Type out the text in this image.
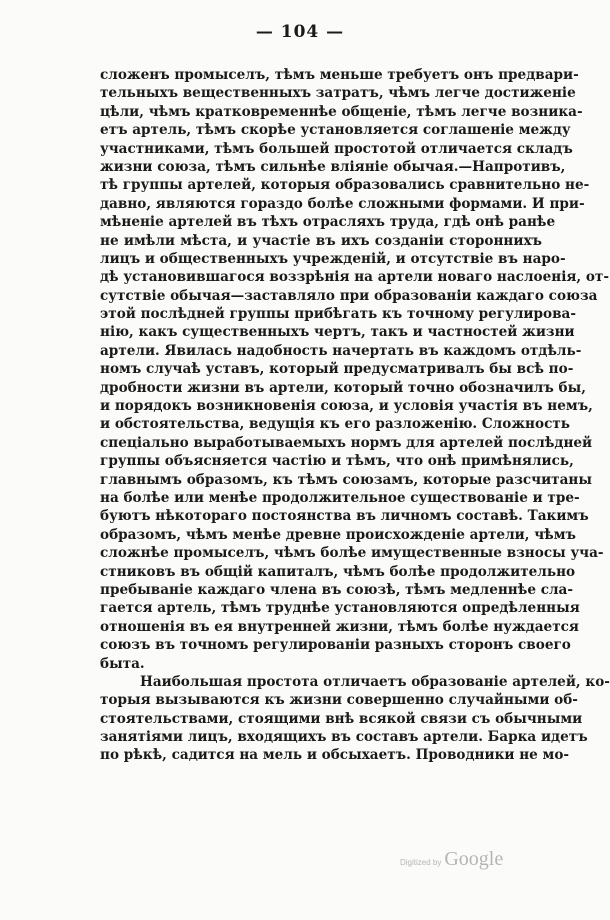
— 104 —
сложенъ промыселъ, тѣмъ меньше требуетъ онъ предвари-
тельныхъ вещественныхъ затратъ, чѣмъ легче достиженіе
цѣли, чѣмъ кратковременнѣе общеніе, тѣмъ легче возника-
етъ артель, тѣмъ скорѣе установляется соглашеніе между
участниками, тѣмъ большей простотой отличается складъ
жизни союза, тѣмъ сильнѣе вліяніе обычая.—Напротивъ,
тѣ группы артелей, которыя образовались сравнительно не-
давно, являются гораздо болѣе сложными формами. И при-
мѣненіе артелей въ тѣхъ отрасляхъ труда, гдѣ онѣ ранѣе
не имѣли мѣста, и участіе въ ихъ созданіи стороннихъ
лицъ и общественныхъ учрежденій, и отсутствіе въ наро-
дѣ установившагося воззрѣнія на артели новаго наслоенія, от-
сутствіе обычая—заставляло при образованіи каждаго союза
этой послѣдней группы прибѣгать къ точному регулирова-
нію, какъ существенныхъ чертъ, такъ и частностей жизни
артели. Явилась надобность начертать въ каждомъ отдѣль-
номъ случаѣ уставъ, который предусматривалъ бы всѣ по-
дробности жизни въ артели, который точно обозначилъ бы,
и порядокъ возникновенія союза, и условія участія въ немъ,
и обстоятельства, ведущія къ его разложенію. Сложность
спеціально выработываемыхъ нормъ для артелей послѣдней
группы объясняется частію и тѣмъ, что онѣ примѣнялись,
главнымъ образомъ, къ тѣмъ союзамъ, которые разсчитаны
на болѣе или менѣе продолжительное существованіе и тре-
буютъ нѣкотораго постоянства въ личномъ составѣ. Такимъ
образомъ, чѣмъ менѣе древне происхожденіе артели, чѣмъ
сложнѣе промыселъ, чѣмъ болѣе имущественные взносы уча-
стниковъ въ общій капиталъ, чѣмъ болѣе продолжительно
пребываніе каждаго члена въ союзѣ, тѣмъ медленнѣе сла-
гается артель, тѣмъ труднѣе установляются опредѣленныя
отношенія въ ея внутренней жизни, тѣмъ болѣе нуждается
союзъ въ точномъ регулированіи разныхъ сторонъ своего
быта.
Наибольшая простота отличаетъ образованіе артелей, ко-
торыя вызываются къ жизни совершенно случайными об-
стоятельствами, стоящими внѣ всякой связи съ обычными
занятіями лицъ, входящихъ въ составъ артели. Барка идетъ
по рѣкѣ, садится на мель и обсыхаетъ. Проводники не мо-
Digitized by Google
